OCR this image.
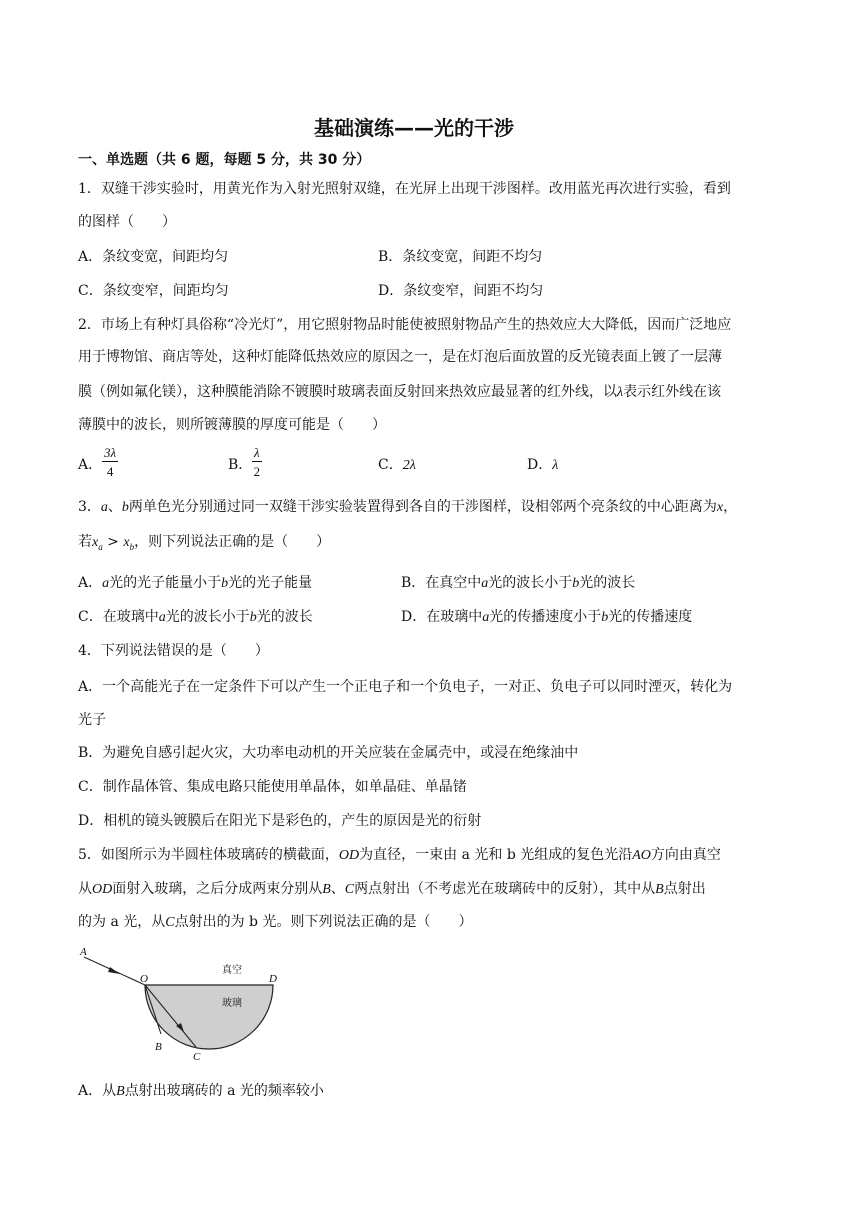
基础演练——光的干涉
一、单选题（共 6 题，每题 5 分，共 30 分）
1．双缝干涉实验时，用黄光作为入射光照射双缝，在光屏上出现干涉图样。改用蓝光再次进行实验，看到
的图样（　　）
A．条纹变宽，间距均匀	B．条纹变宽，间距不均匀
C．条纹变窄，间距均匀	D．条纹变窄，间距不均匀
2．市场上有种灯具俗称“冷光灯”，用它照射物品时能使被照射物品产生的热效应大大降低，因而广泛地应
用于博物馆、商店等处，这种灯能降低热效应的原因之一，是在灯泡后面放置的反光镜表面上镀了一层薄
膜（例如氟化镁），这种膜能消除不镀膜时玻璃表面反射回来热效应最显著的红外线，以λ表示红外线在该
薄膜中的波长，则所镀薄膜的厚度可能是（　　）
A． $\frac{3\lambda}{4}$	B． $\frac{\lambda}{2}$	C．2λ	D．λ
3．a、b两单色光分别通过同一双缝干涉实验装置得到各自的干涉图样，设相邻两个亮条纹的中心距离为x，
若$x_a > x_b$，则下列说法正确的是（　　）
A．a光的光子能量小于b光的光子能量	B．在真空中a光的波长小于b光的波长
C．在玻璃中a光的波长小于b光的波长	D．在玻璃中a光的传播速度小于b光的传播速度
4．下列说法错误的是（　　）
A．一个高能光子在一定条件下可以产生一个正电子和一个负电子，一对正、负电子可以同时湮灭，转化为
光子
B．为避免自感引起火灾，大功率电动机的开关应装在金属壳中，或浸在绝缘油中
C．制作晶体管、集成电路只能使用单晶体，如单晶硅、单晶锗
D．相机的镜头镀膜后在阳光下是彩色的，产生的原因是光的衍射
5．如图所示为半圆柱体玻璃砖的横截面，OD为直径，一束由 a 光和 b 光组成的复色光沿AO方向由真空
从OD面射入玻璃，之后分成两束分别从B、C两点射出（不考虑光在玻璃砖中的反射），其中从B点射出
的为 a 光，从C点射出的为 b 光。则下列说法正确的是（　　）
A
O	D
B
C
真空
玻璃
A．从B点射出玻璃砖的 a 光的频率较小
